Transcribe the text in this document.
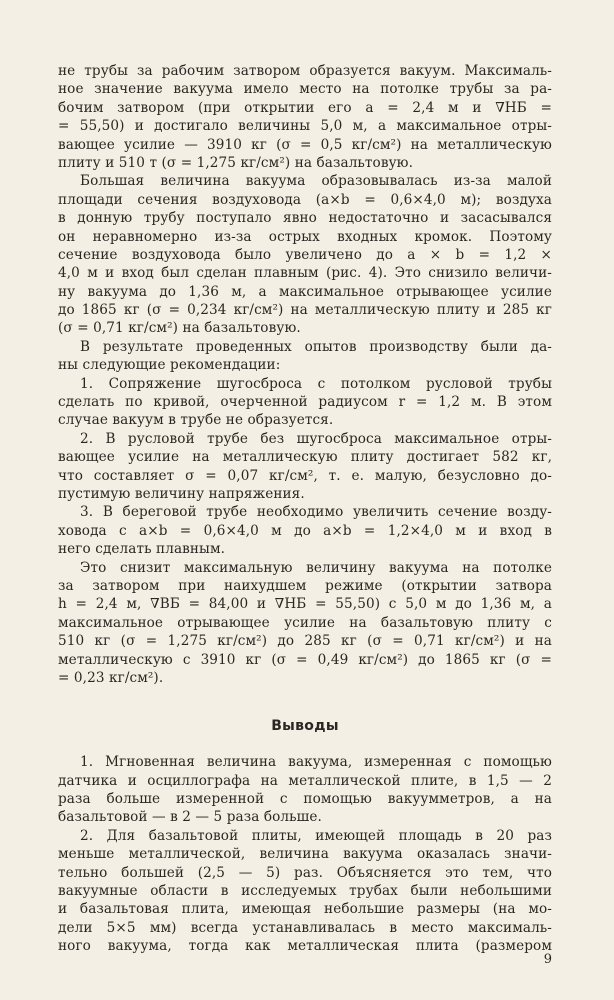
не трубы за рабочим затвором образуется вакуум. Максималь-
ное значение вакуума имело место на потолке трубы за ра-
бочим затвором (при открытии его a = 2,4 м и ∇НБ =
= 55,50) и достигало величины 5,0 м, а максимальное отры-
вающее усилие — 3910 кг (σ = 0,5 кг/см²) на металлическую
плиту и 510 т (σ = 1,275 кг/см²) на базальтовую.
Большая величина вакуума образовывалась из-за малой
площади сечения воздуховода (a×b = 0,6×4,0 м); воздуха
в донную трубу поступало явно недостаточно и засасывался
он неравномерно из-за острых входных кромок. Поэтому
сечение воздуховода было увеличено до a × b = 1,2 ×
4,0 м и вход был сделан плавным (рис. 4). Это снизило величи-
ну вакуума до 1,36 м, а максимальное отрывающее усилие
до 1865 кг (σ = 0,234 кг/см²) на металлическую плиту и 285 кг
(σ = 0,71 кг/см²) на базальтовую.
В результате проведенных опытов производству были да-
ны следующие рекомендации:
1. Сопряжение шугосброса с потолком русловой трубы
сделать по кривой, очерченной радиусом r = 1,2 м. В этом
случае вакуум в трубе не образуется.
2. В русловой трубе без шугосброса максимальное отры-
вающее усилие на металлическую плиту достигает 582 кг,
что составляет σ = 0,07 кг/см², т. е. малую, безусловно до-
пустимую величину напряжения.
3. В береговой трубе необходимо увеличить сечение возду-
ховода с a×b = 0,6×4,0 м до a×b = 1,2×4,0 м и вход в
него сделать плавным.
Это снизит максимальную величину вакуума на потолке
за затвором при наихудшем режиме (открытии затвора
h = 2,4 м, ∇ВБ = 84,00 и ∇НБ = 55,50) с 5,0 м до 1,36 м, а
максимальное отрывающее усилие на базальтовую плиту с
510 кг (σ = 1,275 кг/см²) до 285 кг (σ = 0,71 кг/см²) и на
металлическую с 3910 кг (σ = 0,49 кг/см²) до 1865 кг (σ =
= 0,23 кг/см²).
Выводы
1. Мгновенная величина вакуума, измеренная с помощью
датчика и осциллографа на металлической плите, в 1,5 — 2
раза больше измеренной с помощью вакуумметров, а на
базальтовой — в 2 — 5 раза больше.
2. Для базальтовой плиты, имеющей площадь в 20 раз
меньше металлической, величина вакуума оказалась значи-
тельно большей (2,5 — 5) раз. Объясняется это тем, что
вакуумные области в исследуемых трубах были небольшими
и базальтовая плита, имеющая небольшие размеры (на мо-
дели 5×5 мм) всегда устанавливалась в место максималь-
ного вакуума, тогда как металлическая плита (размером
9
